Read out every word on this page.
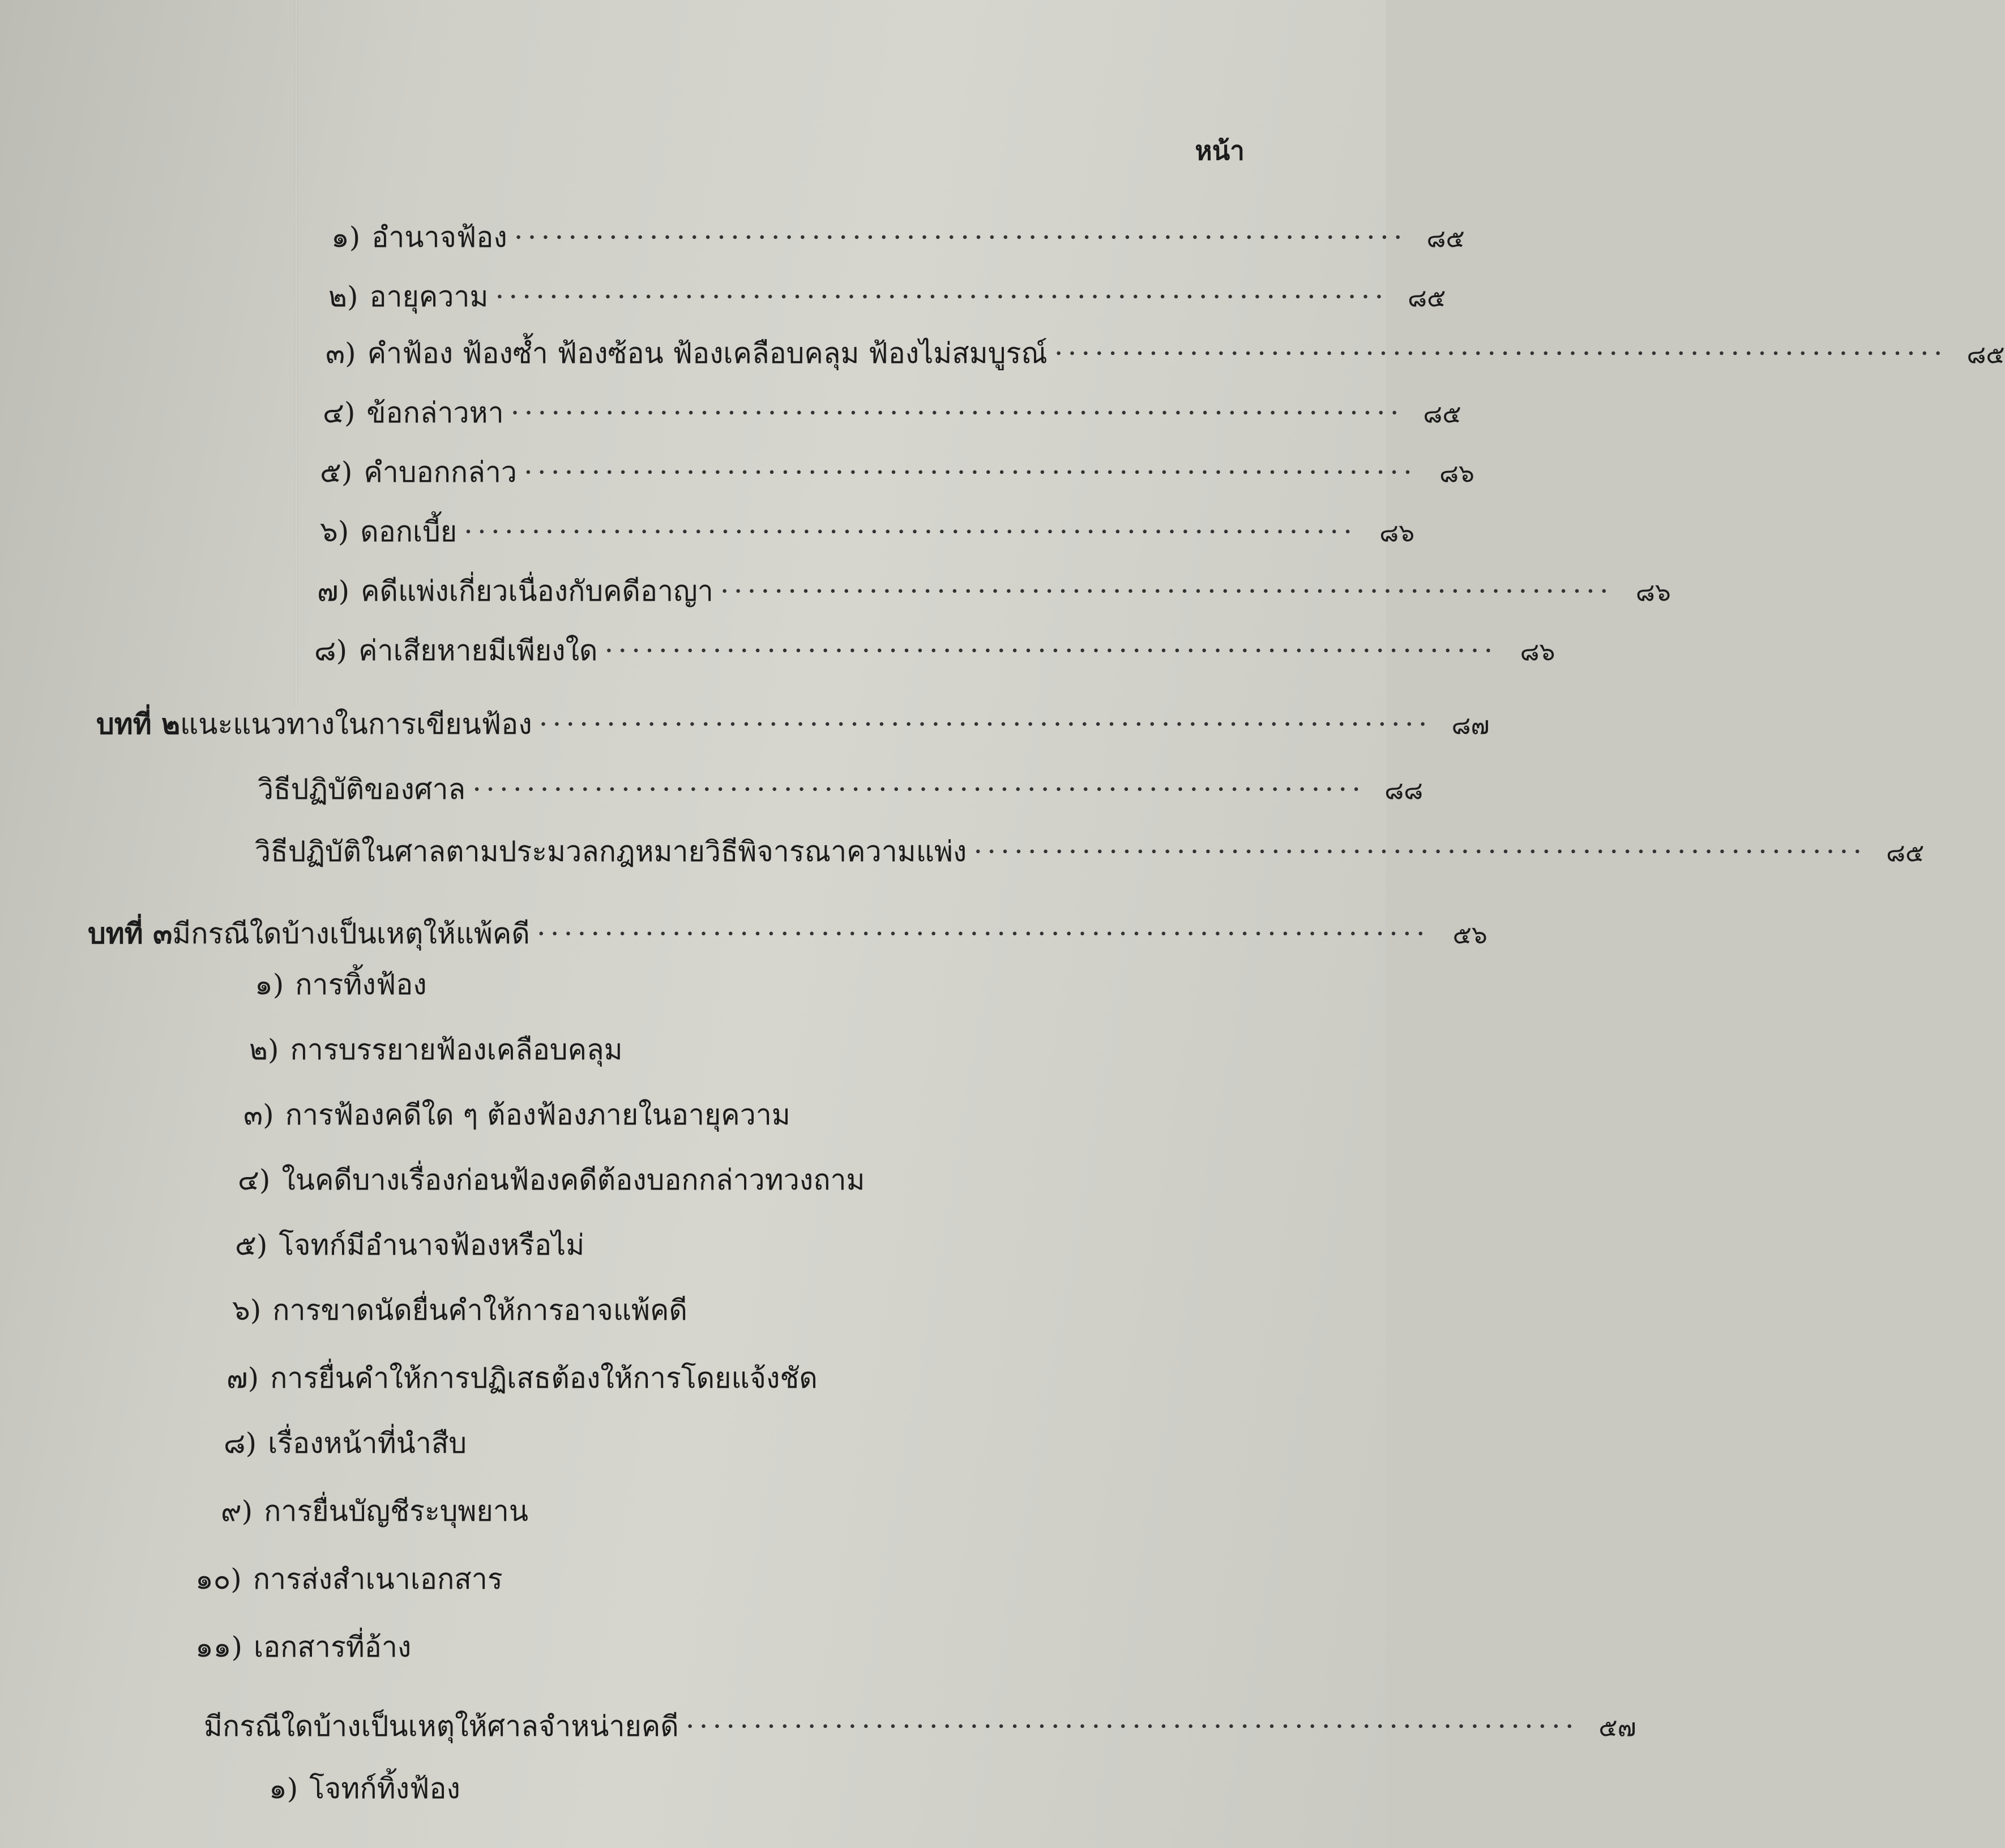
หน้า
๑) อำนาจฟ้อง ·································································· ๘๕
๒) อายุความ ·································································· ๘๕
๓) คำฟ้อง ฟ้องซ้ำ ฟ้องซ้อน ฟ้องเคลือบคลุม ฟ้องไม่สมบูรณ์ ·································································· ๘๕
๔) ข้อกล่าวหา ·································································· ๘๕
๕) คำบอกกล่าว ·································································· ๘๖
๖) ดอกเบี้ย ·································································· ๘๖
๗) คดีแพ่งเกี่ยวเนื่องกับคดีอาญา ·································································· ๘๖
๘) ค่าเสียหายมีเพียงใด ·································································· ๘๖
บทที่ ๒ แนะแนวทางในการเขียนฟ้อง ·································································· ๘๗
วิธีปฏิบัติของศาล ·································································· ๘๘
วิธีปฏิบัติในศาลตามประมวลกฎหมายวิธีพิจารณาความแพ่ง ·································································· ๘๕
บทที่ ๓ มีกรณีใดบ้างเป็นเหตุให้แพ้คดี ·································································· ๕๖
๑) การทิ้งฟ้อง
๒) การบรรยายฟ้องเคลือบคลุม
๓) การฟ้องคดีใด ๆ ต้องฟ้องภายในอายุความ
๔) ในคดีบางเรื่องก่อนฟ้องคดีต้องบอกกล่าวทวงถาม
๕) โจทก์มีอำนาจฟ้องหรือไม่
๖) การขาดนัดยื่นคำให้การอาจแพ้คดี
๗) การยื่นคำให้การปฏิเสธต้องให้การโดยแจ้งชัด
๘) เรื่องหน้าที่นำสืบ
๙) การยื่นบัญชีระบุพยาน
๑๐) การส่งสำเนาเอกสาร
๑๑) เอกสารที่อ้าง
มีกรณีใดบ้างเป็นเหตุให้ศาลจำหน่ายคดี ·································································· ๕๗
๑) โจทก์ทิ้งฟ้อง
